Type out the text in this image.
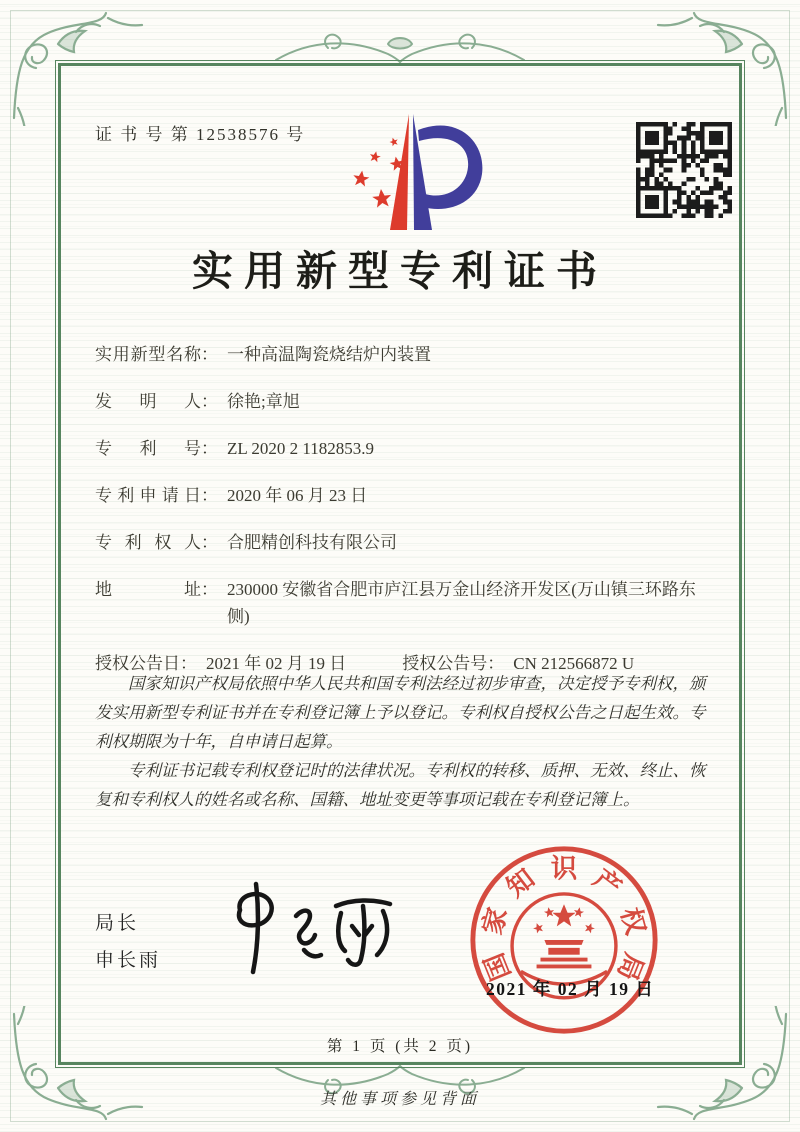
证 书 号 第 12538576 号
实用新型专利证书
实用新型名称 ： 一种高温陶瓷烧结炉内装置
发明人 ： 徐艳;章旭
专利号 ： ZL 2020 2 1182853.9
专利申请日 ： 2020 年 06 月 23 日
专利权人 ： 合肥精创科技有限公司
地址 ： 230000 安徽省合肥市庐江县万金山经济开发区(万山镇三环路东侧)
授权公告日 ： 2021 年 02 月 19 日	授权公告号 ： CN 212566872 U

国家知识产权局依照中华人民共和国专利法经过初步审查，决定授予专利权，颁发实用新型专利证书并在专利登记簿上予以登记。专利权自授权公告之日起生效。专利权期限为十年，自申请日起算。

专利证书记载专利权登记时的法律状况。专利权的转移、质押、无效、终止、恢复和专利权人的姓名或名称、国籍、地址变更等事项记载在专利登记簿上。

局长
申长雨	国
家
知 识 产
权
局
2021 年 02 月 19 日
第 1 页 (共 2 页)
其他事项参见背面
